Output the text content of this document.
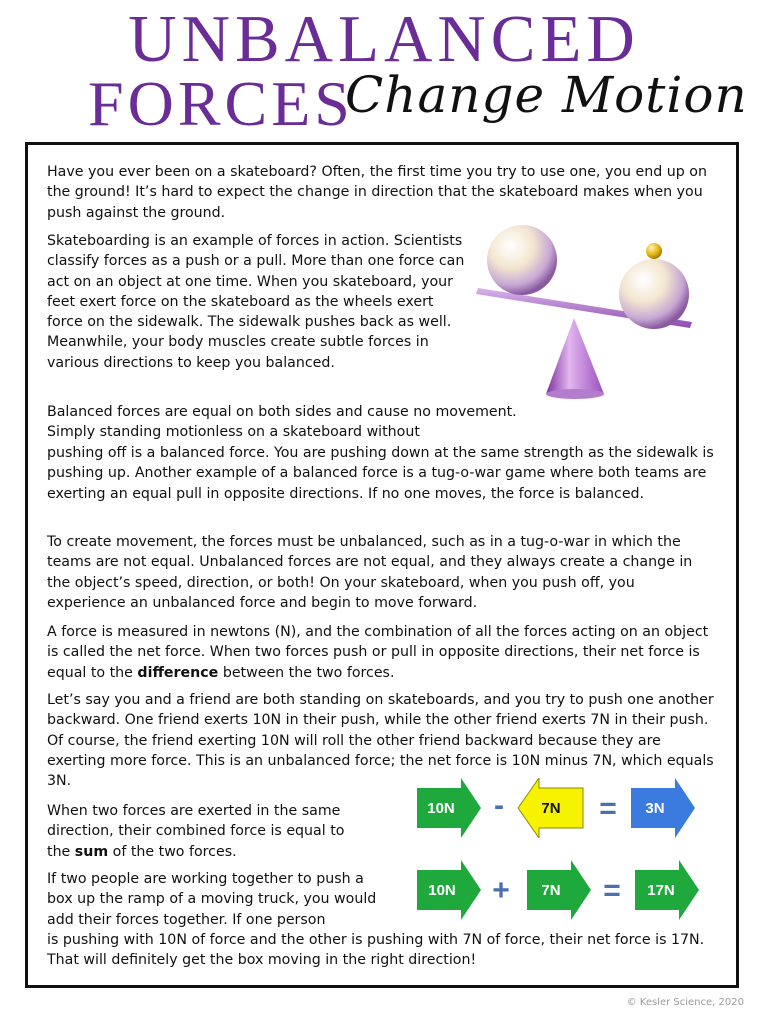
UNBALANCED
FORCES
Change Motion

Have you ever been on a skateboard? Often, the first time you try to use one, you end up on the ground! It’s hard to expect the change in direction that the skateboard makes when you push against the ground.

Skateboarding is an example of forces in action. Scientists classify forces as a push or a pull. More than one force can act on an object at one time. When you skateboard, your feet exert force on the skateboard as the wheels exert force on the sidewalk. The sidewalk pushes back as well. Meanwhile, your body muscles create subtle forces in various directions to keep you balanced.

Balanced forces are equal on both sides and cause no movement. Simply standing motionless on a skateboard without

pushing off is a balanced force. You are pushing down at the same strength as the sidewalk is pushing up. Another example of a balanced force is a tug-o-war game where both teams are exerting an equal pull in opposite directions. If no one moves, the force is balanced.

To create movement, the forces must be unbalanced, such as in a tug-o-war in which the teams are not equal. Unbalanced forces are not equal, and they always create a change in the object’s speed, direction, or both! On your skateboard, when you push off, you experience an unbalanced force and begin to move forward.

A force is measured in newtons (N), and the combination of all the forces acting on an object is called the net force. When two forces push or pull in opposite directions, their net force is equal to the difference between the two forces.

Let’s say you and a friend are both standing on skateboards, and you try to push one another backward. One friend exerts 10N in their push, while the other friend exerts 7N in their push. Of course, the friend exerting 10N will roll the other friend backward because they are exerting more force. This is an unbalanced force; the net force is 10N minus 7N, which equals 3N.

When two forces are exerted in the same direction, their combined force is equal to the sum of the two forces.

If two people are working together to push a box up the ramp of a moving truck, you would add their forces together. If one person

is pushing with 10N of force and the other is pushing with 7N of force, their net force is 17N. That will definitely get the box moving in the right direction!

10N - 7N = 3N
10N + 7N = 17N
© Kesler Science, 2020
